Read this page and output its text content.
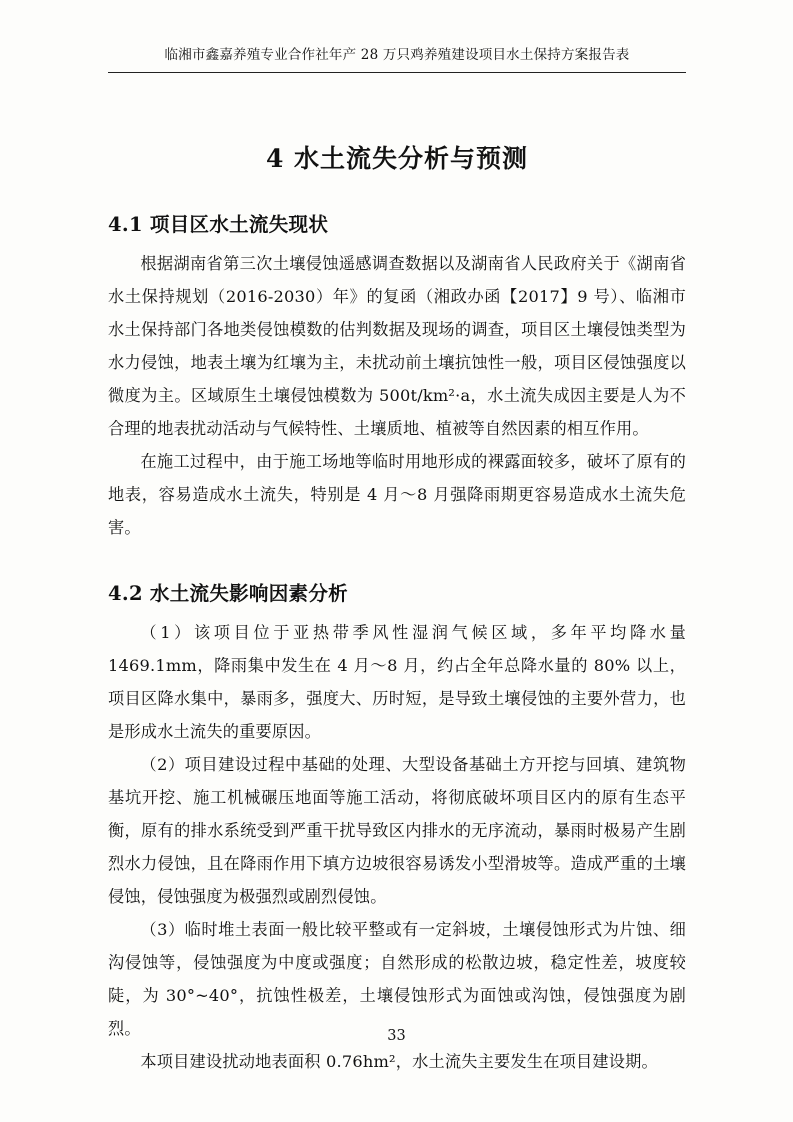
临湘市鑫嘉养殖专业合作社年产 28 万只鸡养殖建设项目水土保持方案报告表
4 水土流失分析与预测
4.1 项目区水土流失现状

根据湖南省第三次土壤侵蚀遥感调查数据以及湖南省人民政府关于《湖南省水土保持规划（2016-2030）年》的复函（湘政办函【2017】9 号）、临湘市水土保持部门各地类侵蚀模数的估判数据及现场的调查，项目区土壤侵蚀类型为水力侵蚀，地表土壤为红壤为主，未扰动前土壤抗蚀性一般，项目区侵蚀强度以微度为主。区域原生土壤侵蚀模数为 500t/km²·a，水土流失成因主要是人为不合理的地表扰动活动与气候特性、土壤质地、植被等自然因素的相互作用。

在施工过程中，由于施工场地等临时用地形成的裸露面较多，破坏了原有的地表，容易造成水土流失，特别是 4 月～8 月强降雨期更容易造成水土流失危害。

4.2 水土流失影响因素分析

（1）该项目位于亚热带季风性湿润气候区域，多年平均降水量 1469.1mm，降雨集中发生在 4 月～8 月，约占全年总降水量的 80% 以上，项目区降水集中，暴雨多，强度大、历时短，是导致土壤侵蚀的主要外营力，也是形成水土流失的重要原因。

（2）项目建设过程中基础的处理、大型设备基础土方开挖与回填、建筑物基坑开挖、施工机械碾压地面等施工活动，将彻底破坏项目区内的原有生态平衡，原有的排水系统受到严重干扰导致区内排水的无序流动，暴雨时极易产生剧烈水力侵蚀，且在降雨作用下填方边坡很容易诱发小型滑坡等。造成严重的土壤侵蚀，侵蚀强度为极强烈或剧烈侵蚀。

（3）临时堆土表面一般比较平整或有一定斜坡，土壤侵蚀形式为片蚀、细沟侵蚀等，侵蚀强度为中度或强度；自然形成的松散边坡，稳定性差，坡度较陡，为 30°~40°，抗蚀性极差，土壤侵蚀形式为面蚀或沟蚀，侵蚀强度为剧烈。

本项目建设扰动地表面积 0.76hm²，水土流失主要发生在项目建设期。

33
